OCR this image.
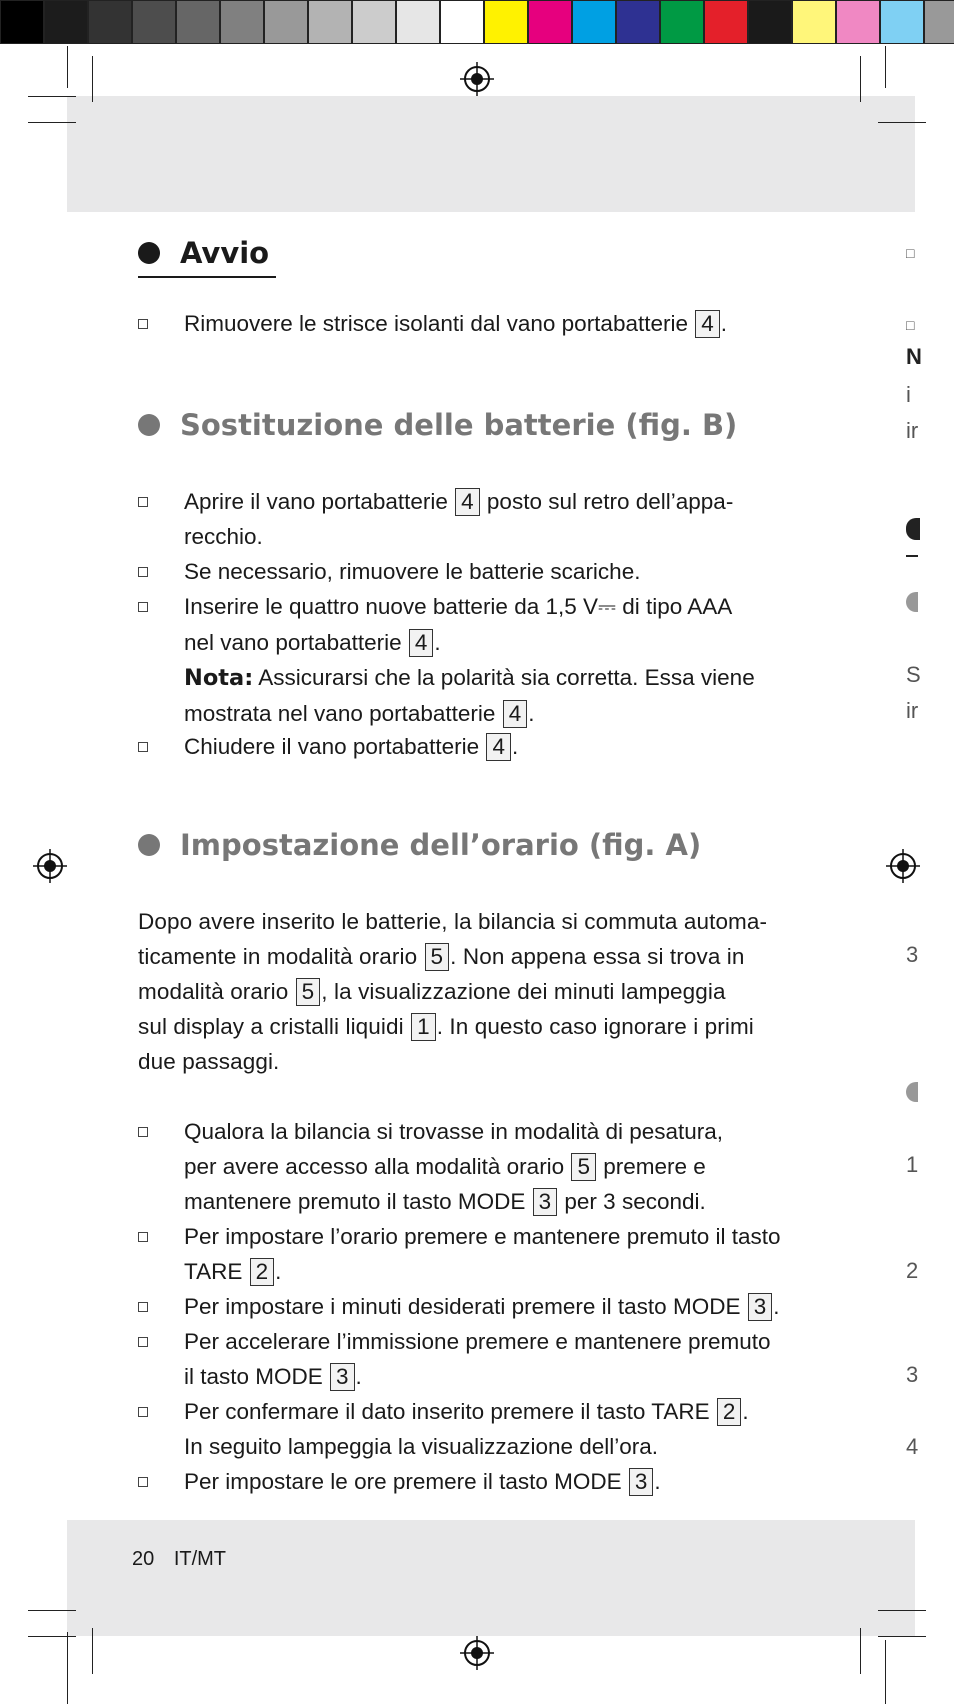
□
□
N
i
ir
S
ir
3
1
2
3
4
Avvio
Rimuovere le strisce isolanti dal vano portabatterie 4 .
Sostituzione delle batterie (fig. B)
Aprire il vano portabatterie 4 posto sul retro dell’appa-
recchio.
Se necessario, rimuovere le batterie scariche.
Inserire le quattro nuove batterie da 1,5 V⎓ di tipo AAA
nel vano portabatterie 4 .
Nota: Assicurarsi che la polarità sia corretta. Essa viene
mostrata nel vano portabatterie 4 .
Chiudere il vano portabatterie 4 .
Impostazione dell’orario (fig. A)
Dopo avere inserito le batterie, la bilancia si commuta automa-
ticamente in modalità orario 5 . Non appena essa si trova in
modalità orario 5 , la visualizzazione dei minuti lampeggia
sul display a cristalli liquidi 1 . In questo caso ignorare i primi
due passaggi.
Qualora la bilancia si trovasse in modalità di pesatura,
per avere accesso alla modalità orario 5 premere e
mantenere premuto il tasto MODE 3 per 3 secondi.
Per impostare l’orario premere e mantenere premuto il tasto
TARE 2 .
Per impostare i minuti desiderati premere il tasto MODE 3 .
Per accelerare l’immissione premere e mantenere premuto
il tasto MODE 3 .
Per confermare il dato inserito premere il tasto TARE 2 .
In seguito lampeggia la visualizzazione dell’ora.
Per impostare le ore premere il tasto MODE 3 .
20 IT/MT
